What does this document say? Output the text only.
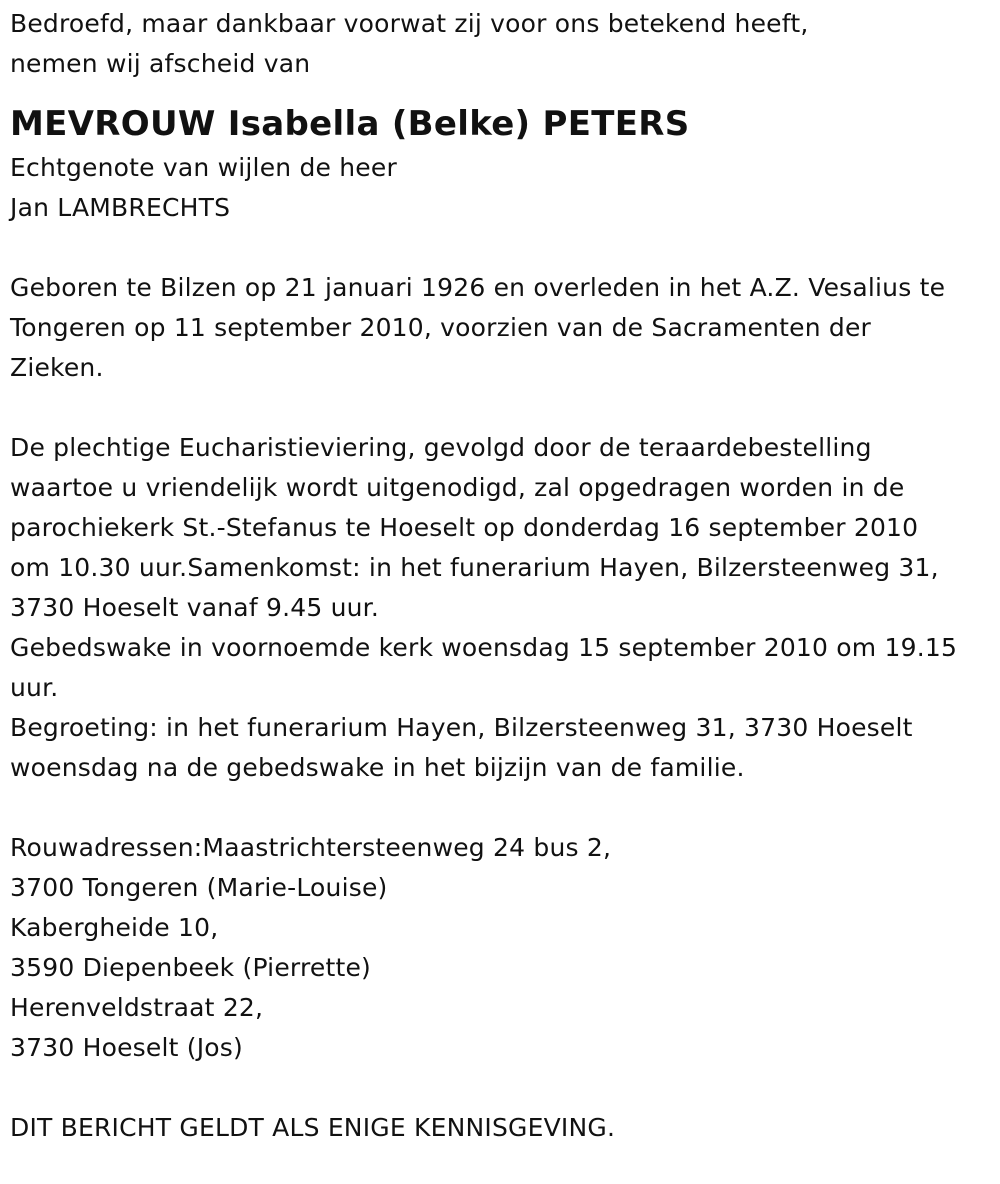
Bedroefd, maar dankbaar voorwat zij voor ons betekend heeft,
nemen wij afscheid van
MEVROUW Isabella (Belke) PETERS
Echtgenote van wijlen de heer
Jan LAMBRECHTS
Geboren te Bilzen op 21 januari 1926 en overleden in het A.Z. Vesalius te
Tongeren op 11 september 2010, voorzien van de Sacramenten der
Zieken.
De plechtige Eucharistieviering, gevolgd door de teraardebestelling
waartoe u vriendelijk wordt uitgenodigd, zal opgedragen worden in de
parochiekerk St.-Stefanus te Hoeselt op donderdag 16 september 2010
om 10.30 uur.Samenkomst: in het funerarium Hayen, Bilzersteenweg 31,
3730 Hoeselt vanaf 9.45 uur.
Gebedswake in voornoemde kerk woensdag 15 september 2010 om 19.15
uur.
Begroeting: in het funerarium Hayen, Bilzersteenweg 31, 3730 Hoeselt
woensdag na de gebedswake in het bijzijn van de familie.
Rouwadressen:Maastrichtersteenweg 24 bus 2,
3700 Tongeren (Marie-Louise)
Kabergheide 10,
3590 Diepenbeek (Pierrette)
Herenveldstraat 22,
3730 Hoeselt (Jos)
DIT BERICHT GELDT ALS ENIGE KENNISGEVING.
